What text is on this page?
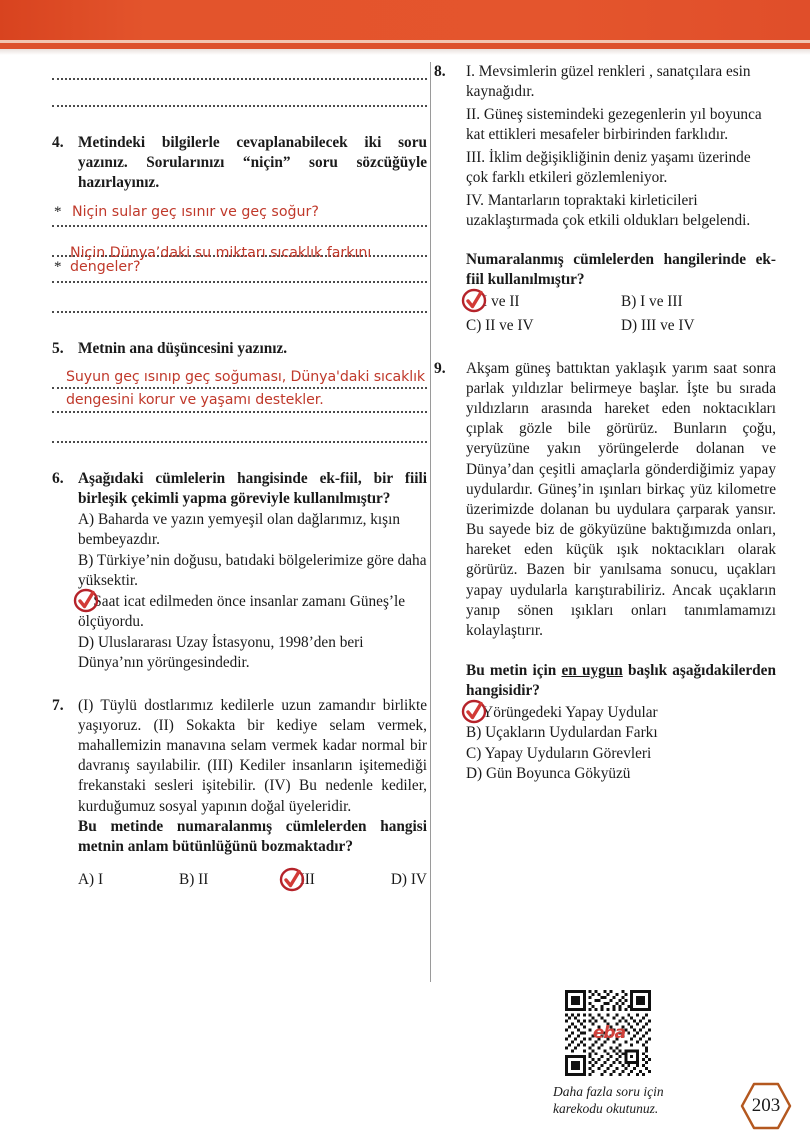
4. Metindeki bilgilerle cevaplanabilecek iki soru yazınız. Sorularınızı “niçin” soru sözcüğüyle hazırlayınız.

* Niçin sular geç ısınır ve geç soğur?
*
Niçin Dünya’daki su miktarı sıcaklık farkını dengeler?
5. Metnin ana düşüncesini yazınız.

Suyun geç ısınıp geç soğuması, Dünya'daki sıcaklık
dengesini korur ve yaşamı destekler.
6. Aşağıdaki cümlelerin hangisinde ek-fiil, bir fiili birleşik çekimli yapma göreviyle kullanılmıştır?

A) Baharda ve yazın yemyeşil olan dağlarımız, kışın bembeyazdır.

B) Türkiye’nin doğusu, batıdaki bölgelerimize göre daha yüksektir.

Saat icat edilmeden önce insanlar zamanı Güneş’le ölçüyordu.

D) Uluslararası Uzay İstasyonu, 1998’den beri Dünya’nın yörüngesindedir.

7. (I) Tüylü dostlarımız kedilerle uzun zamandır birlikte yaşıyoruz. (II) Sokakta bir kediye selam vermek, mahallemizin manavına selam vermek kadar normal bir davranış sayılabilir. (III) Kediler insanların işitemediği frekanstaki sesleri işitebilir. (IV) Bu nedenle kediler, kurduğumuz sosyal yapının doğal üyeleridir.

Bu metinde numaralanmış cümlelerden hangisi metnin anlam bütünlüğünü bozmaktadır?

A) I	B) II	III	D) IV
8.	I. Mevsimlerin güzel renkleri , sanatçılara esin kaynağıdır.

II. Güneş sistemindeki gezegenlerin yıl boyunca kat ettikleri mesafeler birbirinden farklıdır.

III. İklim değişikliğinin deniz yaşamı üzerinde çok farklı etkileri gözlemleniyor.

IV. Mantarların topraktaki kirleticileri uzaklaştırmada çok etkili oldukları belgelendi.

Numaralanmış cümlelerden hangilerinde ek-fiil kullanılmıştır?

I ve II	B) I ve III
C) II ve IV	D) III ve IV
9.	Akşam güneş battıktan yaklaşık yarım saat sonra parlak yıldızlar belirmeye başlar. İşte bu sırada yıldızların arasında hareket eden noktacıkları çıplak gözle bile görürüz. Bunların çoğu, yeryüzüne yakın yörüngelerde dolanan ve Dünya’dan çeşitli amaçlarla gönderdiğimiz yapay uydulardır. Güneş’in ışınları birkaç yüz kilometre üzerimizde dolanan bu uydulara çarparak yansır. Bu sayede biz de gökyüzüne baktığımızda onları, hareket eden küçük ışık noktacıkları olarak görürüz. Bazen bir yanılsama sonucu, uçakları yapay uydularla karıştırabiliriz. Ancak uçakların yanıp sönen ışıkları onları tanımlamamızı kolaylaştırır.

Bu metin için en uygun başlık aşağıdakilerden hangisidir?

Yörüngedeki Yapay Uydular

B) Uçakların Uydulardan Farkı

C) Yapay Uyduların Görevleri

D) Gün Boyunca Gökyüzü

eba
Daha fazla soru için
karekodu okutunuz.	203
